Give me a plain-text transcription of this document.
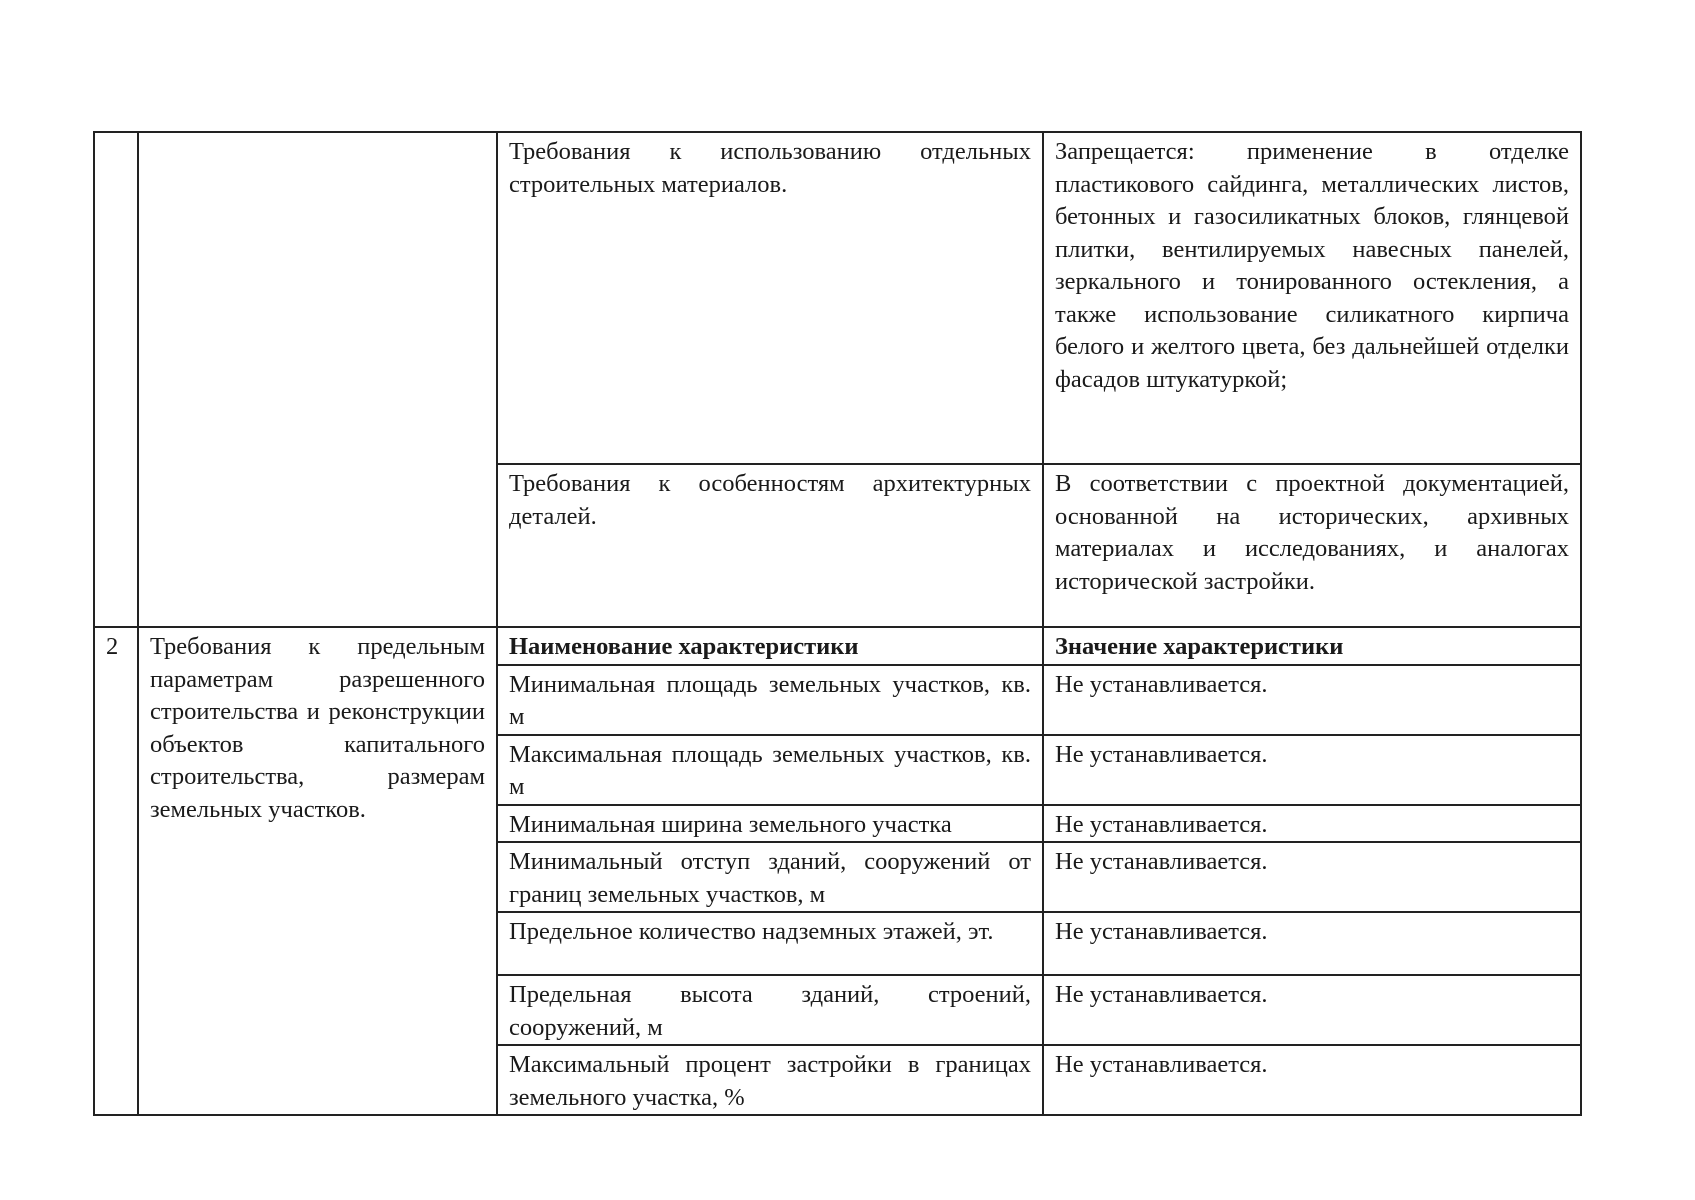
		Требования к использованию отдельных строительных материалов.	Запрещается: применение в отделке пластикового сайдинга, металлических листов, бетонных и газосиликатных блоков, глянцевой плитки, вентилируемых навесных панелей, зеркального и тонированного остекления, а также использование силикатного кирпича белого и желтого цвета, без дальнейшей отделки фасадов штукатуркой;
		Требования к особенностям архитектурных деталей.	В соответствии с проектной документацией, основанной на исторических, архивных материалах и исследованиях, и аналогах исторической застройки.
2	Требования к предельным параметрам разрешенного строительства и реконструкции объектов капитального строительства, размерам земельных участков.	Наименование характеристики	Значение характеристики
		Минимальная площадь земельных участков, кв. м	Не устанавливается.
		Максимальная площадь земельных участков, кв. м	Не устанавливается.
		Минимальная ширина земельного участка	Не устанавливается.
		Минимальный отступ зданий, сооружений от границ земельных участков, м	Не устанавливается.
		Предельное количество надземных этажей, эт.	Не устанавливается.
		Предельная высота зданий, строений, сооружений, м	Не устанавливается.
		Максимальный процент застройки в границах земельного участка, %	Не устанавливается.
